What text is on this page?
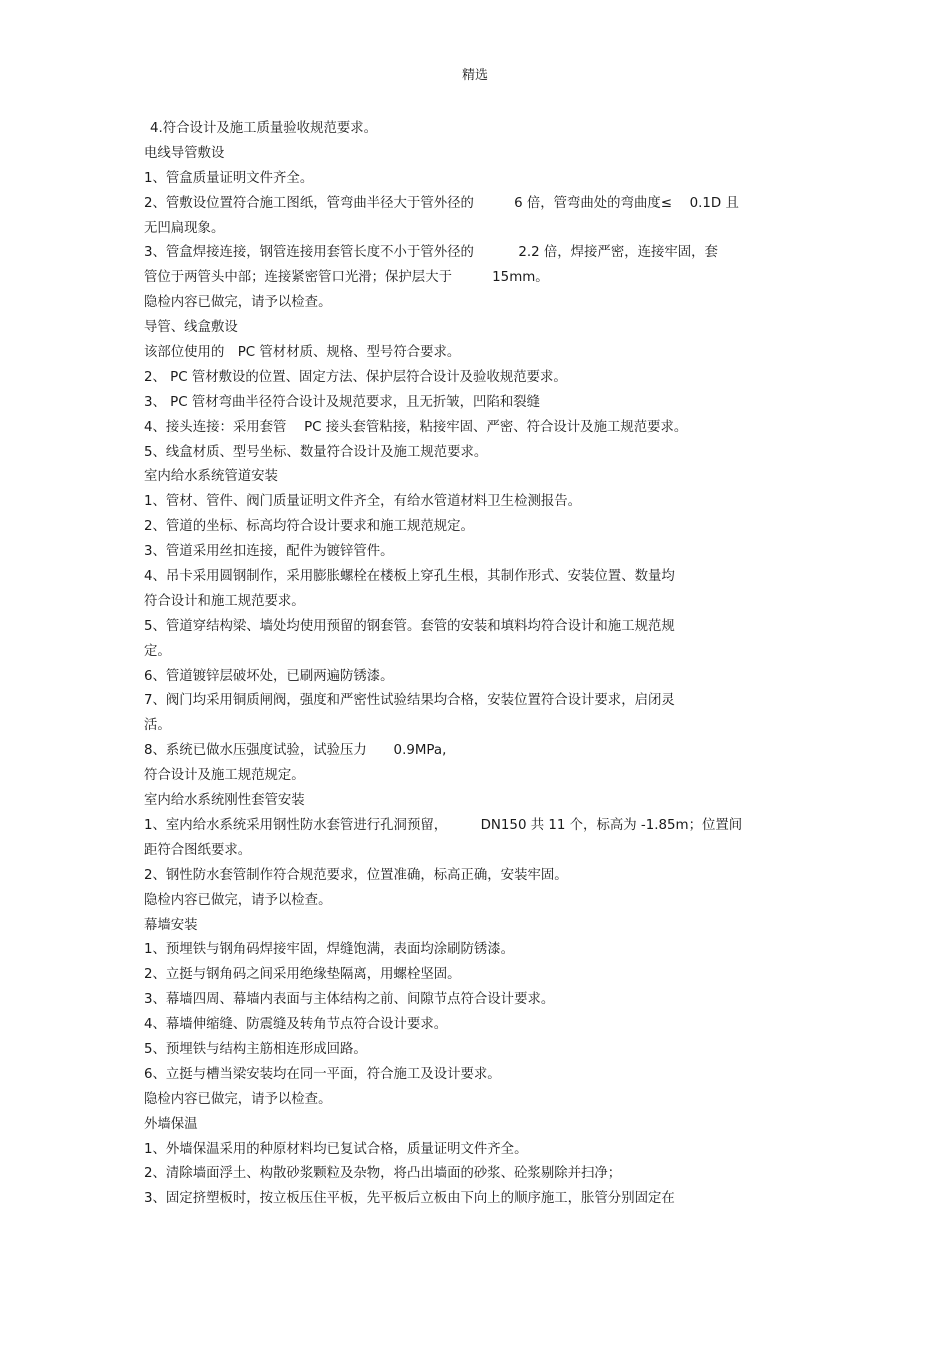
精选
4.符合设计及施工质量验收规范要求。
电线导管敷设
1、管盒质量证明文件齐全。
2、管敷设位置符合施工图纸，管弯曲半径大于管外径的　　　6 倍，管弯曲处的弯曲度≤　 0.1D 且
无凹扁现象。
3、管盒焊接连接，钢管连接用套管长度不小于管外径的　　　 2.2 倍，焊接严密，连接牢固，套
管位于两管头中部；连接紧密管口光滑；保护层大于　　　15mm。
隐检内容已做完，请予以检查。
导管、线盒敷设
该部位使用的　PC 管材材质、规格、型号符合要求。
2、 PC 管材敷设的位置、固定方法、保护层符合设计及验收规范要求。
3、 PC 管材弯曲半径符合设计及规范要求，且无折皱，凹陷和裂缝
4、接头连接：采用套管　 PC 接头套管粘接，粘接牢固、严密、符合设计及施工规范要求。
5、线盒材质、型号坐标、数量符合设计及施工规范要求。
室内给水系统管道安装
1、管材、管件、阀门质量证明文件齐全，有给水管道材料卫生检测报告。
2、管道的坐标、标高均符合设计要求和施工规范规定。
3、管道采用丝扣连接，配件为镀锌管件。
4、吊卡采用圆钢制作，采用膨胀螺栓在楼板上穿孔生根，其制作形式、安装位置、数量均
符合设计和施工规范要求。
5、管道穿结构梁、墙处均使用预留的钢套管。套管的安装和填料均符合设计和施工规范规
定。
6、管道镀锌层破坏处，已刷两遍防锈漆。
7、阀门均采用铜质闸阀，强度和严密性试验结果均合格，安装位置符合设计要求，启闭灵
活。
8、系统已做水压强度试验，试验压力　　0.9MPa,
符合设计及施工规范规定。
室内给水系统刚性套管安装
1、室内给水系统采用钢性防水套管进行孔洞预留，　　　DN150 共 11 个，标高为 -1.85m；位置间
距符合图纸要求。
2、钢性防水套管制作符合规范要求，位置准确，标高正确，安装牢固。
隐检内容已做完，请予以检查。
幕墙安装
1、预埋铁与钢角码焊接牢固，焊缝饱满，表面均涂刷防锈漆。
2、立挺与钢角码之间采用绝缘垫隔离，用螺栓坚固。
3、幕墙四周、幕墙内表面与主体结构之前、间隙节点符合设计要求。
4、幕墙伸缩缝、防震缝及转角节点符合设计要求。
5、预埋铁与结构主筋相连形成回路。
6、立挺与槽当梁安装均在同一平面，符合施工及设计要求。
隐检内容已做完，请予以检查。
外墙保温
1、外墙保温采用的种原材料均已复试合格，质量证明文件齐全。
2、清除墙面浮土、构散砂浆颗粒及杂物，将凸出墙面的砂浆、砼浆剔除并扫净；
3、固定挤塑板时，按立板压住平板，先平板后立板由下向上的顺序施工，胀管分别固定在
